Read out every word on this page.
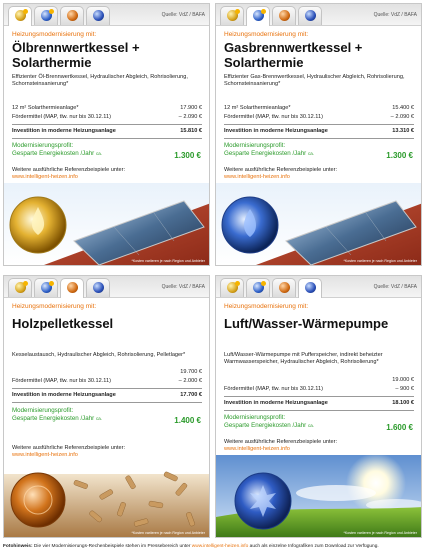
Quelle: VdZ / BAFA
Heizungsmodernisierung mit:
Ölbrennwertkessel + Solarthermie
Effizienter Öl-Brennwertkessel, Hydraulischer Abgleich, Rohrisolierung, Schornsteinsanierung*
12 m² Solarthermieanlage*	17.900 €
Fördermittel (MAP, tlw. nur bis 30.12.11)	– 2.090 €
Investition in moderne Heizungsanlage	15.810 €
Modernisierungsprofit:
Gesparte Energiekosten /Jahr ca.	1.300 €
Weitere ausführliche Referenzbeispiele unter:
www.intelligent-heizen.info
*Kosten variieren je nach Region und Anbieter
Quelle: VdZ / BAFA
Heizungsmodernisierung mit:
Gasbrennwertkessel + Solarthermie
Effizienter Gas-Brennwertkessel, Hydraulischer Abgleich, Rohrisolierung, Schornsteinsanierung*
12 m² Solarthermieanlage*	15.400 €
Fördermittel (MAP, tlw. nur bis 30.12.11)	– 2.090 €
Investition in moderne Heizungsanlage	13.310 €
Modernisierungsprofit:
Gesparte Energiekosten /Jahr ca.	1.300 €
Weitere ausführliche Referenzbeispiele unter:
www.intelligent-heizen.info
*Kosten variieren je nach Region und Anbieter
Quelle: VdZ / BAFA
Heizungsmodernisierung mit:
Holzpelletkessel
Kesselaustausch, Hydraulischer Abgleich, Rohrisolierung, Pelletlager*
19.700 €
Fördermittel (MAP, tlw. nur bis 30.12.11)	– 2.000 €
Investition in moderne Heizungsanlage	17.700 €
Modernisierungsprofit:
Gesparte Energiekosten /Jahr ca.	1.400 €
Weitere ausführliche Referenzbeispiele unter:
www.intelligent-heizen.info
*Kosten variieren je nach Region und Anbieter
Quelle: VdZ / BAFA
Heizungsmodernisierung mit:
Luft/Wasser-Wärmepumpe
Luft/Wasser-Wärmepumpe mit Pufferspeicher, indirekt beheizter Warmwasserspeicher, Hydraulischer Abgleich, Rohrisolierung*
19.000 €
Fördermittel (MAP, tlw. nur bis 30.12.11)	– 900 €
Investition in moderne Heizungsanlage	18.100 €
Modernisierungsprofit:
Gesparte Energiekosten /Jahr ca.	1.600 €
Weitere ausführliche Referenzbeispiele unter:
www.intelligent-heizen.info
*Kosten variieren je nach Region und Anbieter
Fotohinweis: Die vier Modernisierungs-Rechenbeispiele stehen im Pressebereich unter www.intelligent-heizen.info auch als einzelne Infografiken zum Download zur Verfügung.
